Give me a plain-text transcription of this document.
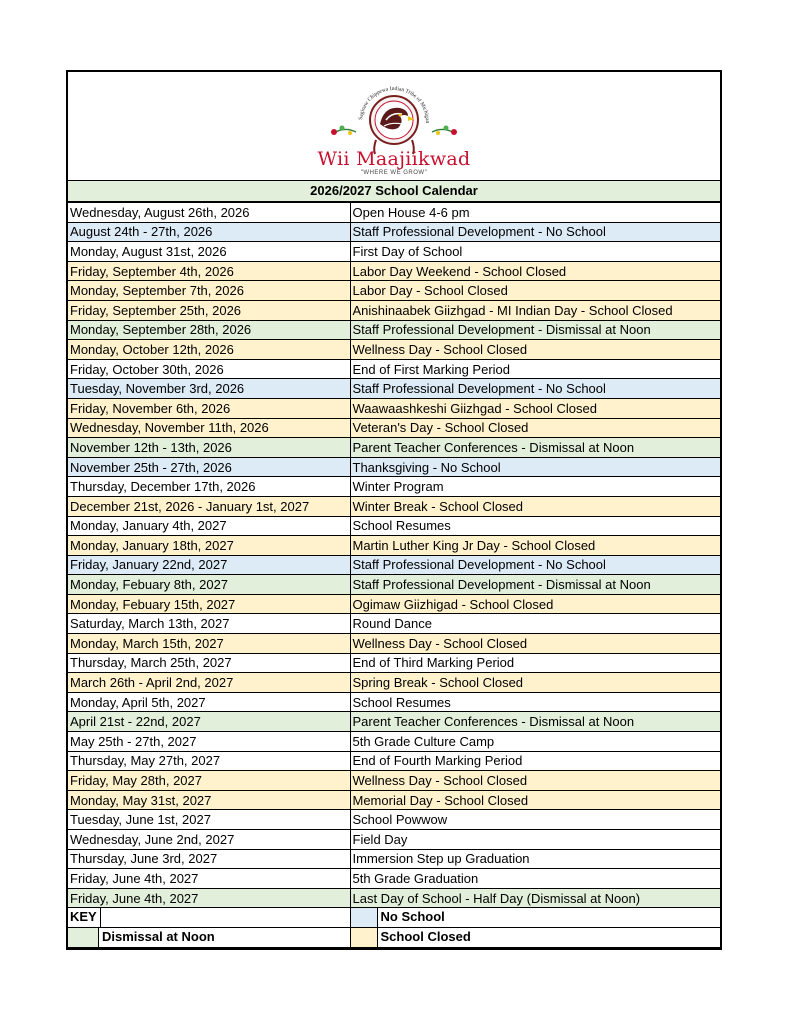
Saginaw Chippewa Indian Tribe of Michigan
Wii Maajiikwad
"WHERE WE GROW"
2026/2027 School Calendar
Wednesday, August 26th, 2026	Open House 4-6 pm
August 24th - 27th, 2026	Staff Professional Development - No School
Monday, August 31st, 2026	First Day of School
Friday, September 4th, 2026	Labor Day Weekend - School Closed
Monday, September 7th, 2026	Labor Day - School Closed
Friday, September 25th, 2026	Anishinaabek Giizhgad - MI Indian Day - School Closed
Monday, September 28th, 2026	Staff Professional Development - Dismissal at Noon
Monday, October 12th, 2026	Wellness Day - School Closed
Friday, October 30th, 2026	End of First Marking Period
Tuesday, November 3rd, 2026	Staff Professional Development - No School
Friday, November 6th, 2026	Waawaashkeshi Giizhgad - School Closed
Wednesday, November 11th, 2026	Veteran's Day - School Closed
November 12th - 13th, 2026	Parent Teacher Conferences - Dismissal at Noon
November 25th - 27th, 2026	Thanksgiving - No School
Thursday, December 17th, 2026	Winter Program
December 21st, 2026 - January 1st, 2027	Winter Break - School Closed
Monday, January 4th, 2027	School Resumes
Monday, January 18th, 2027	Martin Luther King Jr Day - School Closed
Friday, January 22nd, 2027	Staff Professional Development - No School
Monday, Febuary 8th, 2027	Staff Professional Development - Dismissal at Noon
Monday, Febuary 15th, 2027	Ogimaw Giizhigad - School Closed
Saturday, March 13th, 2027	Round Dance
Monday, March 15th, 2027	Wellness Day - School Closed
Thursday, March 25th, 2027	End of Third Marking Period
March 26th - April 2nd, 2027	Spring Break - School Closed
Monday, April 5th, 2027	School Resumes
April 21st - 22nd, 2027	Parent Teacher Conferences - Dismissal at Noon
May 25th - 27th, 2027	5th Grade Culture Camp
Thursday, May 27th, 2027	End of Fourth Marking Period
Friday, May 28th, 2027	Wellness Day - School Closed
Monday, May 31st, 2027	Memorial Day - School Closed
Tuesday, June 1st, 2027	School Powwow
Wednesday, June 2nd, 2027	Field Day
Thursday, June 3rd, 2027	Immersion Step up Graduation
Friday, June 4th, 2027	5th Grade Graduation
Friday, June 4th, 2027	Last Day of School - Half Day (Dismissal at Noon)

KEY	No School

Dismissal at Noon	School Closed
